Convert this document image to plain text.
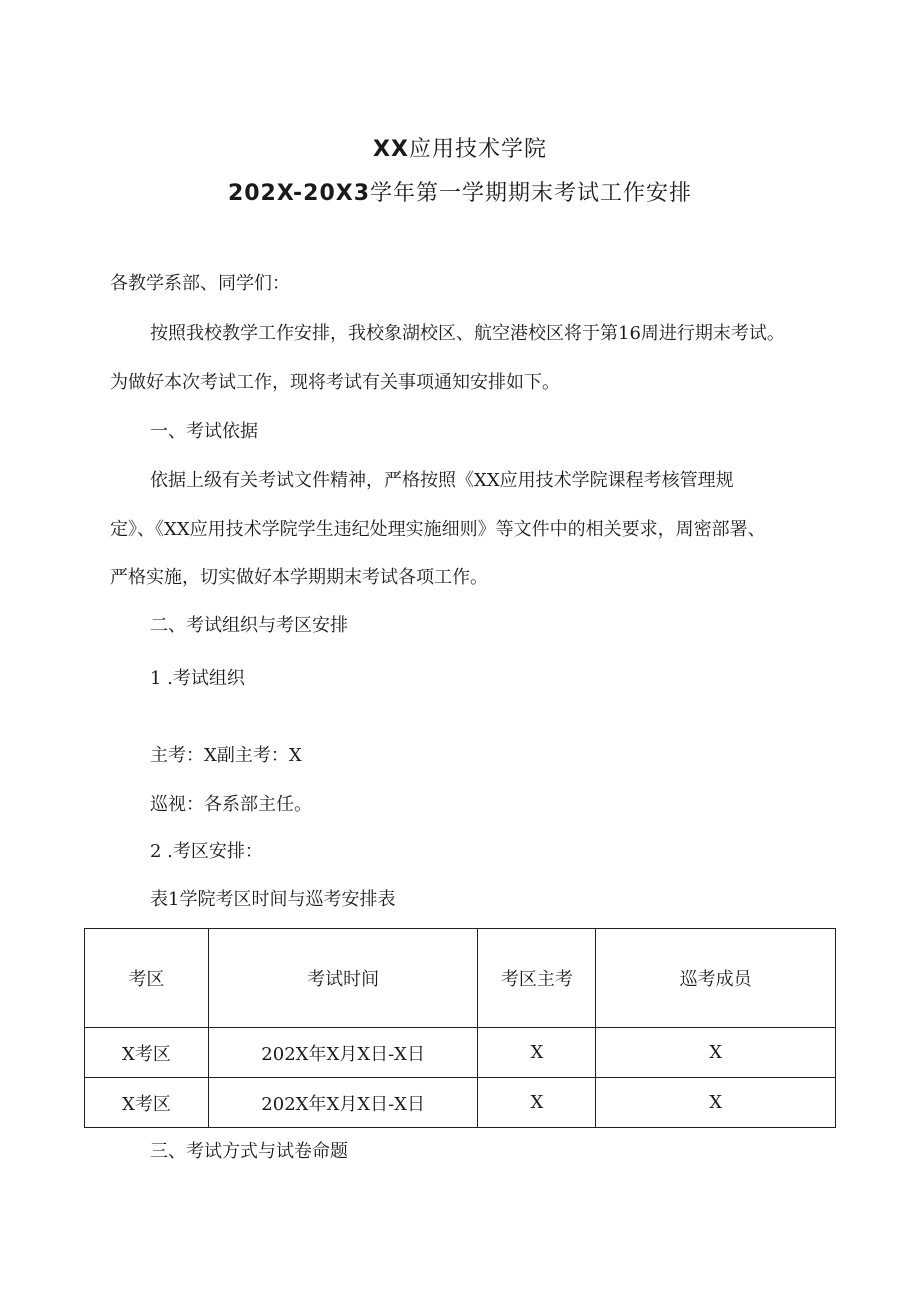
XX应用技术学院
202X-20X3学年第一学期期末考试工作安排
各教学系部、同学们：
按照我校教学工作安排，我校象湖校区、航空港校区将于第16周进行期末考试。
为做好本次考试工作，现将考试有关事项通知安排如下。
一、考试依据
依据上级有关考试文件精神，严格按照《XX应用技术学院课程考核管理规
定》、《XX应用技术学院学生违纪处理实施细则》等文件中的相关要求，周密部署、
严格实施，切实做好本学期期末考试各项工作。
二、考试组织与考区安排
1 .考试组织
主考：X副主考：X
巡视：各系部主任。
2 .考区安排：
表1学院考区时间与巡考安排表
考区	考试时间	考区主考	巡考成员
X考区	202X年X月X日-X日	X	X
X考区	202X年X月X日-X日	X	X
三、考试方式与试卷命题
